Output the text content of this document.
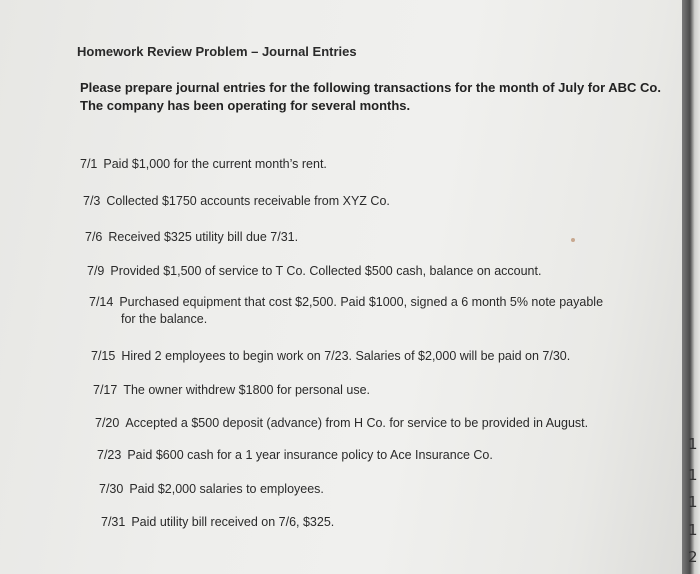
1
1
1
1
2
Homework Review Problem – Journal Entries
Please prepare journal entries for the following transactions for the month of July for ABC Co.
The company has been operating for several months.
7/1 Paid $1,000 for the current month’s rent.
7/3 Collected $1750 accounts receivable from XYZ Co.
7/6 Received $325 utility bill due 7/31.
7/9 Provided $1,500 of service to T Co. Collected $500 cash, balance on account.
7/14 Purchased equipment that cost $2,500. Paid $1000, signed a 6 month 5% note payable
for the balance.
7/15 Hired 2 employees to begin work on 7/23. Salaries of $2,000 will be paid on 7/30.
7/17 The owner withdrew $1800 for personal use.
7/20 Accepted a $500 deposit (advance) from H Co. for service to be provided in August.
7/23 Paid $600 cash for a 1 year insurance policy to Ace Insurance Co.
7/30 Paid $2,000 salaries to employees.
7/31 Paid utility bill received on 7/6, $325.
